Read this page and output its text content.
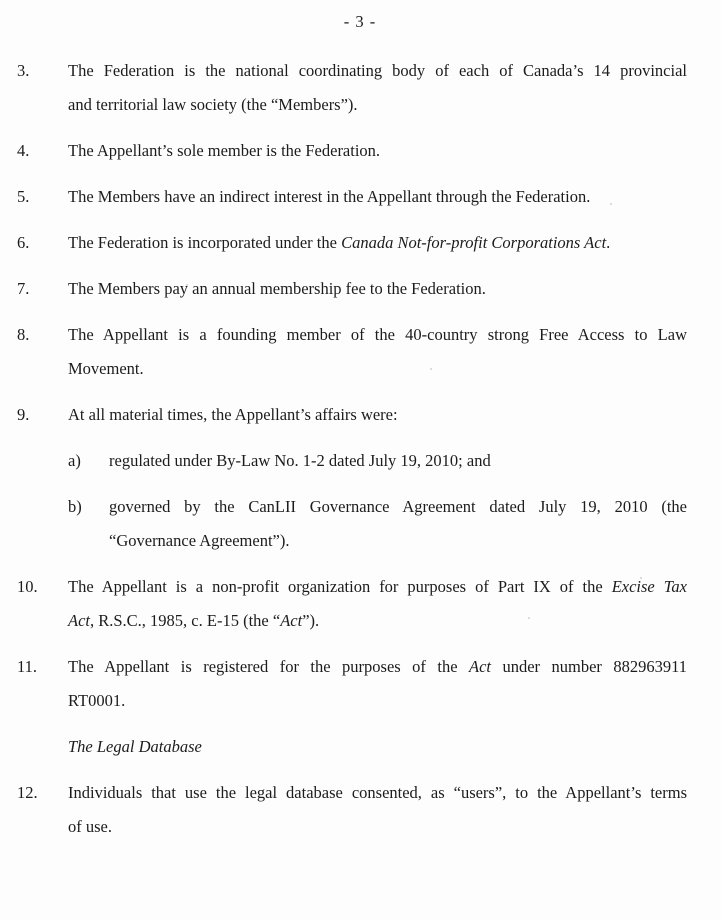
- 3 -
3.	The Federation is the national coordinating body of each of Canada’s 14 provincial
and territorial law society (the “Members”).
4.	The Appellant’s sole member is the Federation.
5.	The Members have an indirect interest in the Appellant through the Federation.
6.	The Federation is incorporated under the Canada Not-for-profit Corporations Act.
7.	The Members pay an annual membership fee to the Federation.
8.	The Appellant is a founding member of the 40-country strong Free Access to Law
Movement.
9.	At all material times, the Appellant’s affairs were:
a)	regulated under By-Law No. 1-2 dated July 19, 2010; and
b)	governed by the CanLII Governance Agreement dated July 19, 2010 (the
“Governance Agreement”).
10.	The Appellant is a non-profit organization for purposes of Part IX of the Excise Tax
Act, R.S.C., 1985, c. E-15 (the “Act”).
11.	The Appellant is registered for the purposes of the Act under number 882963911
RT0001.
The Legal Database
12.	Individuals that use the legal database consented, as “users”, to the Appellant’s terms
of use.
